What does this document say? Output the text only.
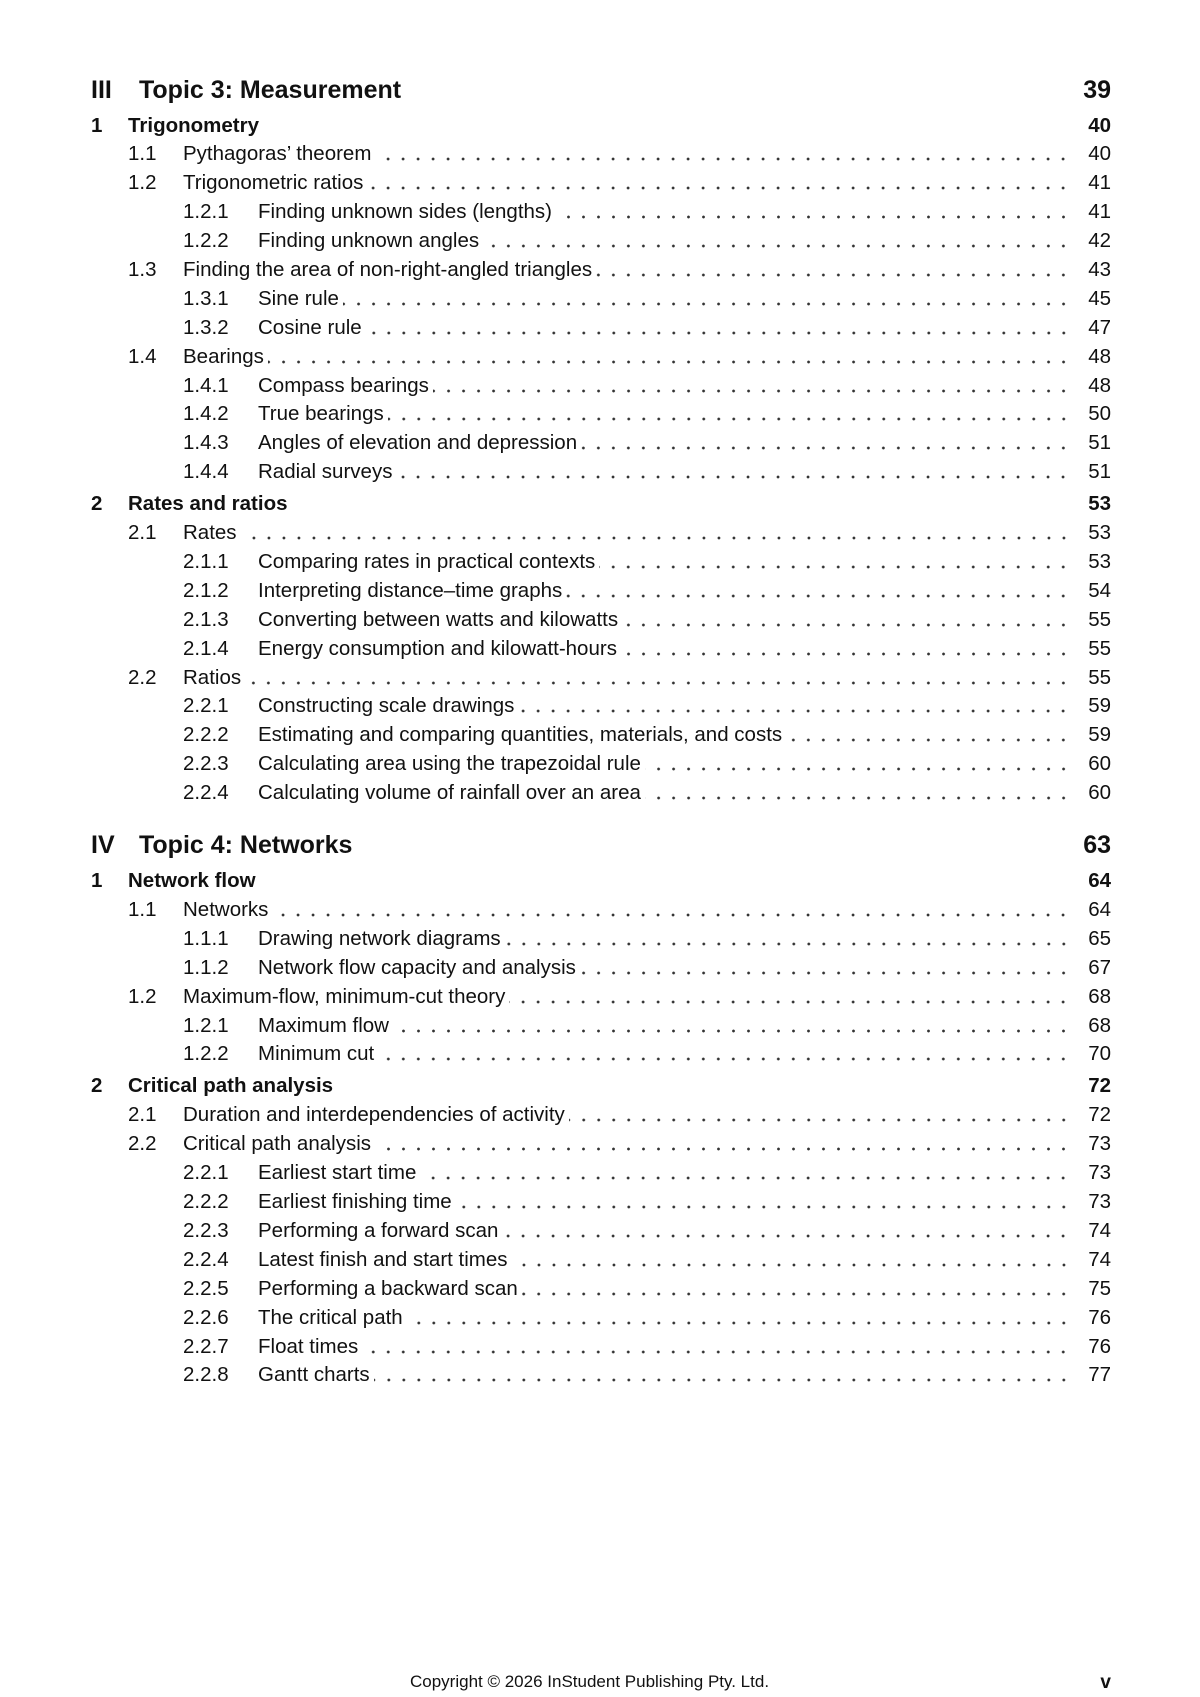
III	Topic 3: Measurement	39
1	Trigonometry	40
1.1	Pythagoras’ theorem	40
1.2	Trigonometric ratios	41
1.2.1	Finding unknown sides (lengths)	41
1.2.2	Finding unknown angles	42
1.3	Finding the area of non-right-angled triangles	43
1.3.1	Sine rule	45
1.3.2	Cosine rule	47
1.4	Bearings	48
1.4.1	Compass bearings	48
1.4.2	True bearings	50
1.4.3	Angles of elevation and depression	51
1.4.4	Radial surveys	51
2	Rates and ratios	53
2.1	Rates	53
2.1.1	Comparing rates in practical contexts	53
2.1.2	Interpreting distance–time graphs	54
2.1.3	Converting between watts and kilowatts	55
2.1.4	Energy consumption and kilowatt-hours	55
2.2	Ratios	55
2.2.1	Constructing scale drawings	59
2.2.2	Estimating and comparing quantities, materials, and costs	59
2.2.3	Calculating area using the trapezoidal rule	60
2.2.4	Calculating volume of rainfall over an area	60
IV Topic 4: Networks	63
1	Network flow	64
1.1	Networks	64
1.1.1	Drawing network diagrams	65
1.1.2	Network flow capacity and analysis	67
1.2	Maximum-flow, minimum-cut theory	68
1.2.1	Maximum flow	68
1.2.2	Minimum cut	70
2	Critical path analysis	72
2.1	Duration and interdependencies of activity	72
2.2	Critical path analysis	73
2.2.1	Earliest start time	73
2.2.2	Earliest finishing time	73
2.2.3	Performing a forward scan	74
2.2.4	Latest finish and start times	74
2.2.5	Performing a backward scan	75
2.2.6	The critical path	76
2.2.7	Float times	76
2.2.8	Gantt charts	77
Copyright © 2026 InStudent Publishing Pty. Ltd.	v
